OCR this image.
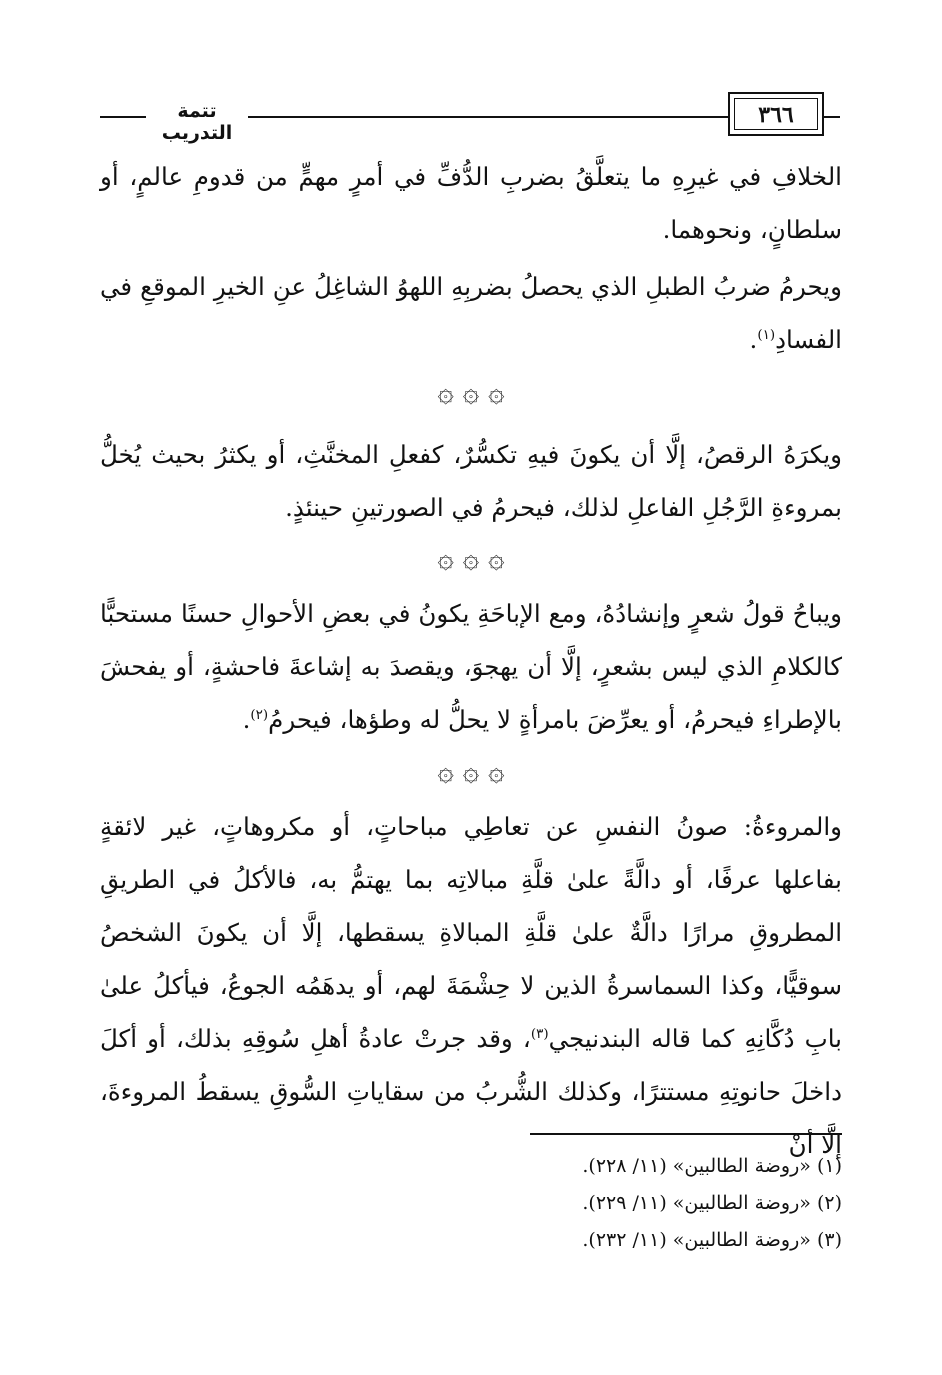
تتمة التدريب
٣٦٦
الخلافِ في غيرِهِ ما يتعلَّقُ بضربِ الدُّفِّ في أمرٍ مهمٍّ من قدومِ عالمٍ، أو سلطانٍ، ونحوهما.
ويحرمُ ضربُ الطبلِ الذي يحصلُ بضربِهِ اللهوُ الشاغِلُ عنِ الخيرِ الموقعِ في الفسادِ$^{(١)}$.
۞ ۞ ۞
ويكرَهُ الرقصُ، إلَّا أن يكونَ فيهِ تكسُّرٌ، كفعلِ المخنَّثِ، أو يكثرُ بحيث يُخلُّ بمروءةِ الرَّجُلِ الفاعلِ لذلك، فيحرمُ في الصورتينِ حينئذٍ.
۞ ۞ ۞
ويباحُ قولُ شعرٍ وإنشادُهُ، ومع الإباحَةِ يكونُ في بعضِ الأحوالِ حسنًا مستحبًّا كالكلامِ الذي ليس بشعرٍ، إلَّا أن يهجوَ، ويقصدَ به إشاعةَ فاحشةٍ، أو يفحشَ بالإطراءِ فيحرمُ، أو يعرِّضَ بامرأةٍ لا يحلُّ له وطؤها، فيحرمُ$^{(٢)}$.
۞ ۞ ۞
والمروءةُ: صونُ النفسِ عن تعاطِي مباحاتٍ، أو مكروهاتٍ، غير لائقةٍ بفاعلها عرفًا، أو دالَّةً علىٰ قلَّةِ مبالاتِه بما يهتمُّ به، فالأكلُ في الطريقِ المطروقِ مرارًا دالَّةٌ علىٰ قلَّةِ المبالاةِ يسقطها، إلَّا أن يكونَ الشخصُ سوقيًّا، وكذا السماسرةُ الذين لا حِشْمَةَ لهم، أو يدهَمُه الجوعُ، فيأكلُ علىٰ بابِ دُكَّانِهِ كما قاله البندنيجي$^{(٣)}$، وقد جرتْ عادةُ أهلِ سُوقِهِ بذلك، أو أكلَ داخلَ حانوتِهِ مستترًا، وكذلك الشُّربُ من سقاياتِ السُّوقِ يسقطُ المروءةَ، إلَّا أنْ
(١) «روضة الطالبين» (١١/ ٢٢٨).
(٢) «روضة الطالبين» (١١/ ٢٢٩).
(٣) «روضة الطالبين» (١١/ ٢٣٢).
